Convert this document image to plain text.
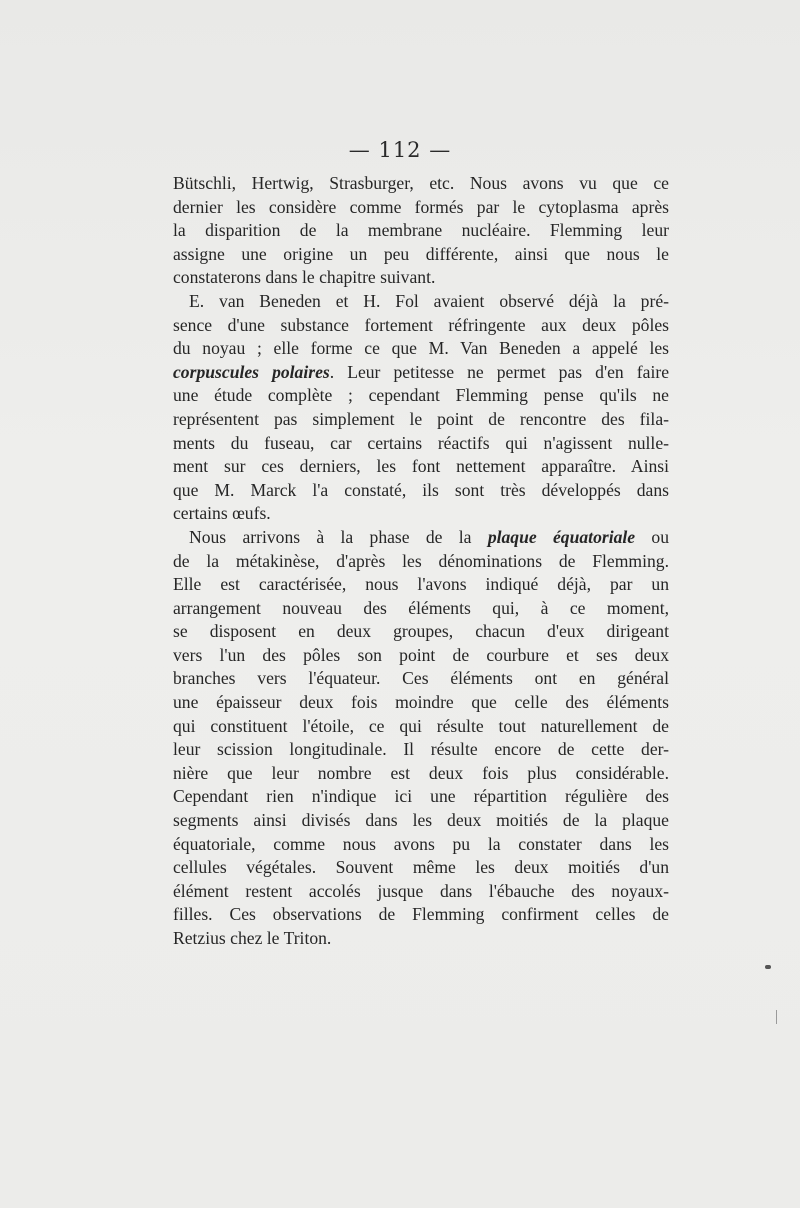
— 112 —
Bütschli, Hertwig, Strasburger, etc. Nous avons vu que ce
dernier les considère comme formés par le cytoplasma après
la disparition de la membrane nucléaire. Flemming leur
assigne une origine un peu différente, ainsi que nous le
constaterons dans le chapitre suivant.
E. van Beneden et H. Fol avaient observé déjà la pré-
sence d'une substance fortement réfringente aux deux pôles
du noyau ; elle forme ce que M. Van Beneden a appelé les
corpuscules polaires. Leur petitesse ne permet pas d'en faire
une étude complète ; cependant Flemming pense qu'ils ne
représentent pas simplement le point de rencontre des fila-
ments du fuseau, car certains réactifs qui n'agissent nulle-
ment sur ces derniers, les font nettement apparaître. Ainsi
que M. Marck l'a constaté, ils sont très développés dans
certains œufs.
Nous arrivons à la phase de la plaque équatoriale ou
de la métakinèse, d'après les dénominations de Flemming.
Elle est caractérisée, nous l'avons indiqué déjà, par un
arrangement nouveau des éléments qui, à ce moment,
se disposent en deux groupes, chacun d'eux dirigeant
vers l'un des pôles son point de courbure et ses deux
branches vers l'équateur. Ces éléments ont en général
une épaisseur deux fois moindre que celle des éléments
qui constituent l'étoile, ce qui résulte tout naturellement de
leur scission longitudinale. Il résulte encore de cette der-
nière que leur nombre est deux fois plus considérable.
Cependant rien n'indique ici une répartition régulière des
segments ainsi divisés dans les deux moitiés de la plaque
équatoriale, comme nous avons pu la constater dans les
cellules végétales. Souvent même les deux moitiés d'un
élément restent accolés jusque dans l'ébauche des noyaux-
filles. Ces observations de Flemming confirment celles de
Retzius chez le Triton.
